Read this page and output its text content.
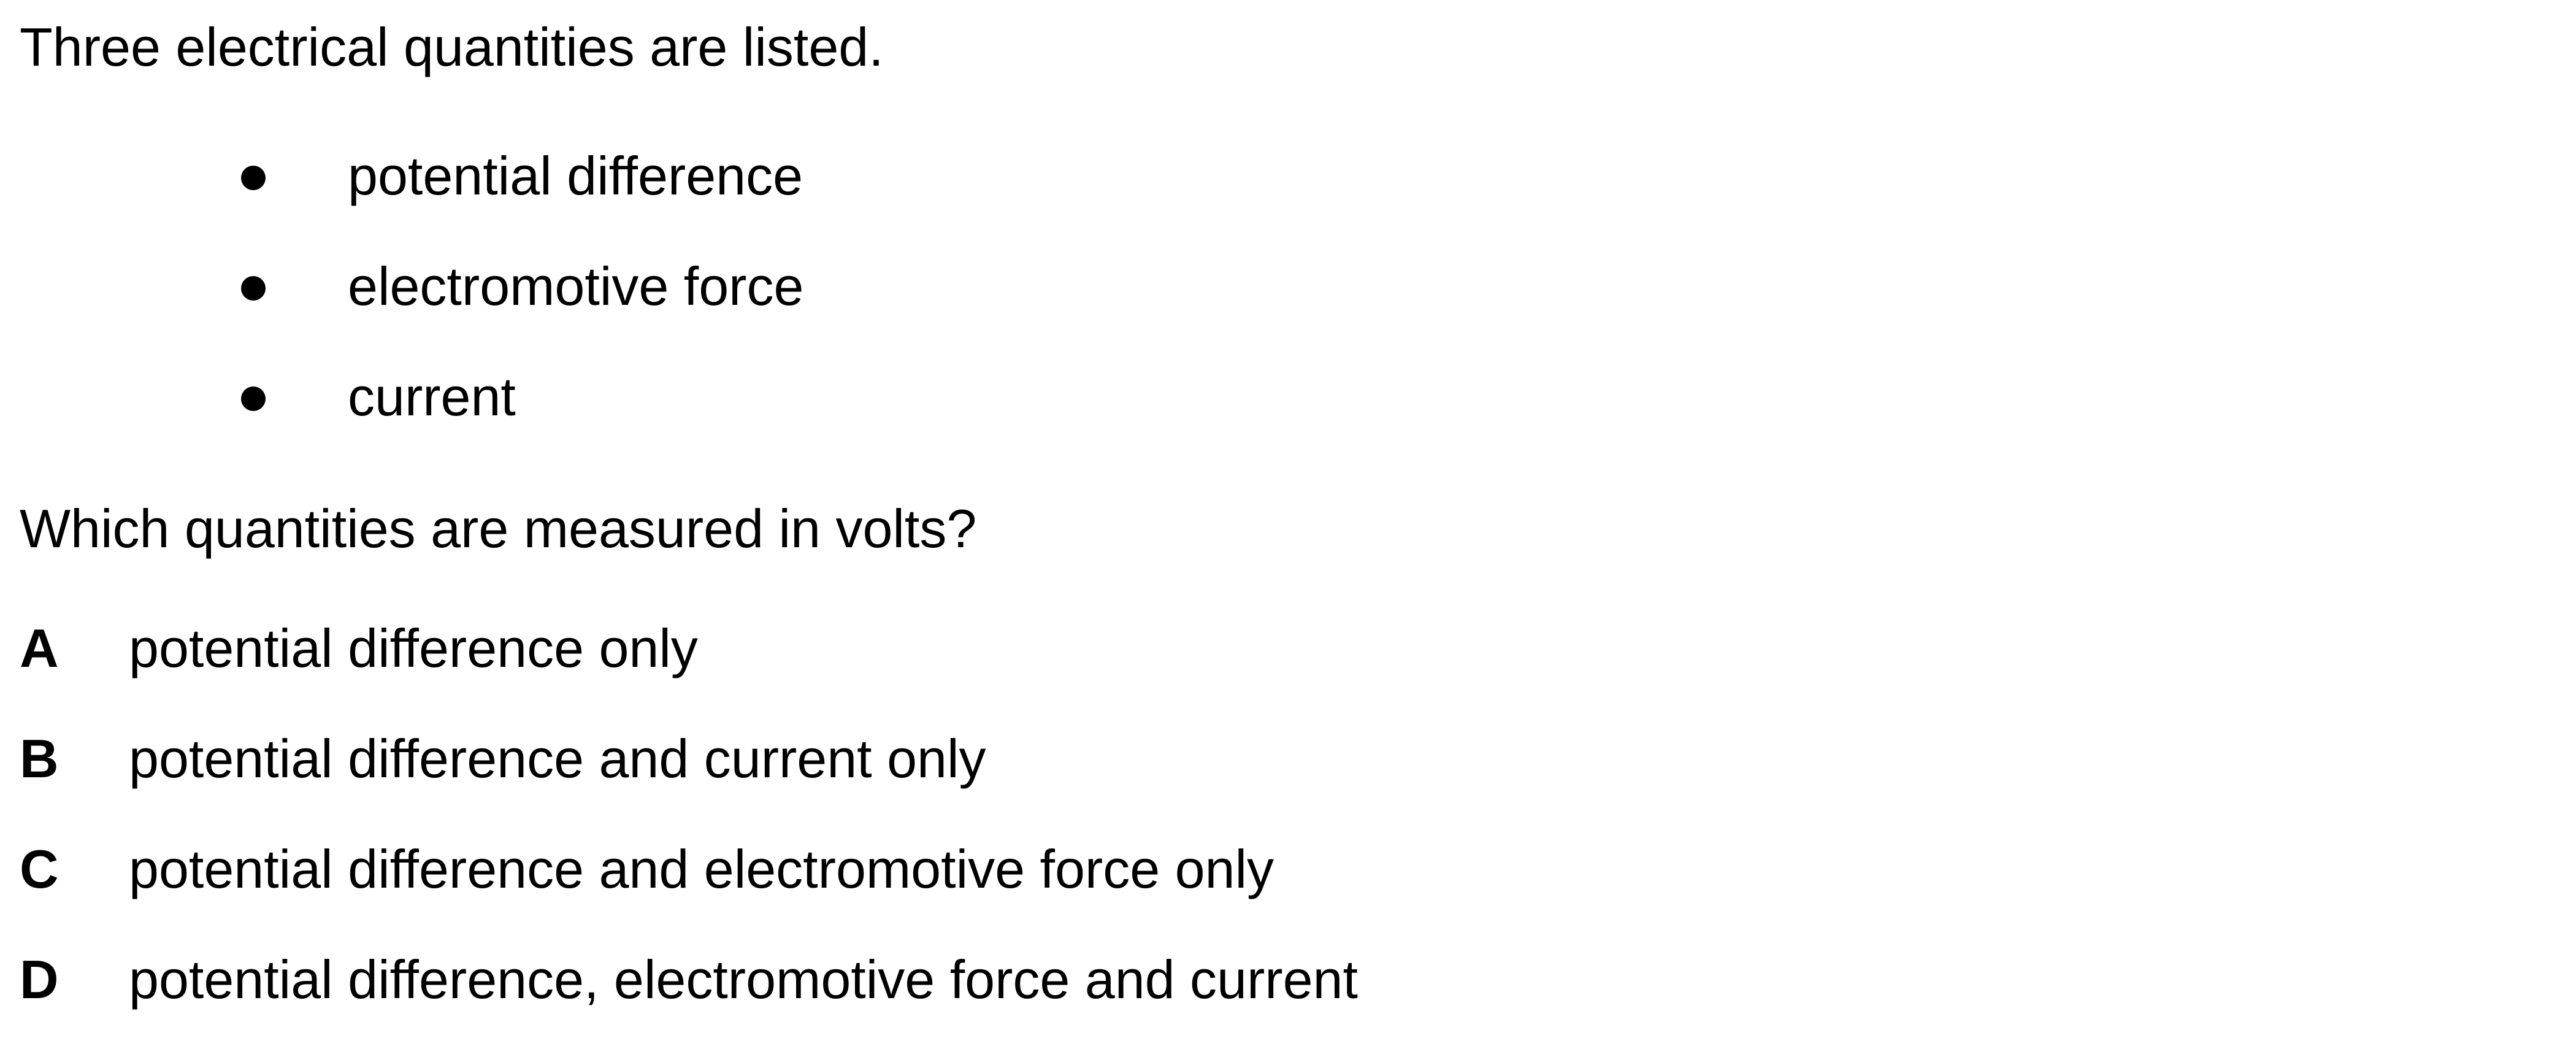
Three electrical quantities are listed.
potential difference
electromotive force
current
Which quantities are measured in volts?
A potential difference only
B potential difference and current only
C potential difference and electromotive force only
D potential difference, electromotive force and current
